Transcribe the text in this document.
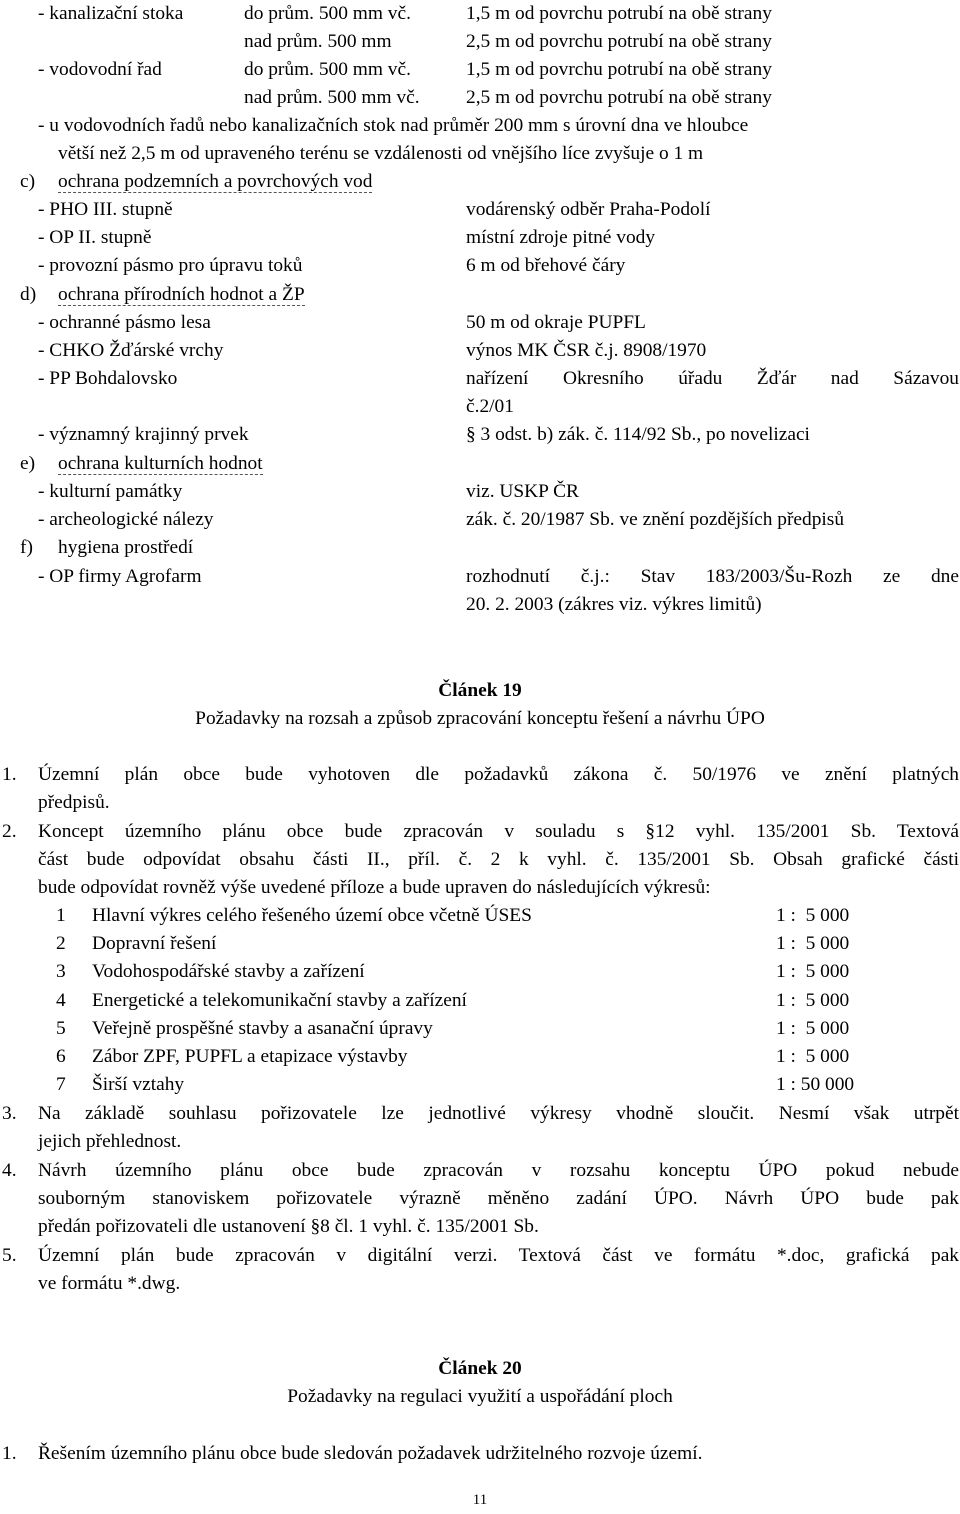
- kanalizační stoka	do prům. 500 mm vč.	1,5 m od povrchu potrubí na obě strany
nad prům. 500 mm	2,5 m od povrchu potrubí na obě strany
- vodovodní řad	do prům. 500 mm vč.	1,5 m od povrchu potrubí na obě strany
nad prům. 500 mm vč. 2,5 m od povrchu potrubí na obě strany
- u vodovodních řadů nebo kanalizačních stok nad průměr 200 mm s úrovní dna ve hloubce
větší než 2,5 m od upraveného terénu se vzdálenosti od vnějšího líce zvyšuje o 1 m
c) ochrana podzemních a povrchových vod
- PHO III. stupně	vodárenský odběr Praha-Podolí
- OP II. stupně	místní zdroje pitné vody
- provozní pásmo pro úpravu toků	6 m od břehové čáry
d) ochrana přírodních hodnot a ŽP
- ochranné pásmo lesa	50 m od okraje PUPFL
- CHKO Žďárské vrchy	výnos MK ČSR č.j. 8908/1970
- PP Bohdalovsko	nařízení Okresního úřadu Žďár nad Sázavou
č.2/01
- významný krajinný prvek	§ 3 odst. b) zák. č. 114/92 Sb., po novelizaci
e) ochrana kulturních hodnot
- kulturní památky	viz. USKP ČR
- archeologické nálezy	zák. č. 20/1987 Sb. ve znění pozdějších předpisů
f) hygiena prostředí
- OP firmy Agrofarm	rozhodnutí č.j.: Stav 183/2003/Šu-Rozh ze dne
20. 2. 2003 (zákres viz. výkres limitů)
Článek 19
Požadavky na rozsah a způsob zpracování konceptu řešení a návrhu ÚPO
1. Územní plán obce bude vyhotoven dle požadavků zákona č. 50/1976 ve znění platných
předpisů.
2. Koncept územního plánu obce bude zpracován v souladu s §12 vyhl. 135/2001 Sb. Textová
část bude odpovídat obsahu části II., příl. č. 2 k vyhl. č. 135/2001 Sb. Obsah grafické části
bude odpovídat rovněž výše uvedené příloze a bude upraven do následujících výkresů:
1 Hlavní výkres celého řešeného území obce včetně ÚSES	1 :  5 000
2 Dopravní řešení	1 :  5 000
3 Vodohospodářské stavby a zařízení	1 :  5 000
4 Energetické a telekomunikační stavby a zařízení	1 :  5 000
5 Veřejně prospěšné stavby a asanační úpravy	1 :  5 000
6 Zábor ZPF, PUPFL a etapizace výstavby	1 :  5 000
7 Širší vztahy	1 : 50 000
3. Na základě souhlasu pořizovatele lze jednotlivé výkresy vhodně sloučit. Nesmí však utrpět
jejich přehlednost.
4. Návrh územního plánu obce bude zpracován v rozsahu konceptu ÚPO pokud nebude
souborným stanoviskem pořizovatele výrazně měněno zadání ÚPO. Návrh ÚPO bude pak
předán pořizovateli dle ustanovení §8 čl. 1 vyhl. č. 135/2001 Sb.
5. Územní plán bude zpracován v digitální verzi. Textová část ve formátu *.doc, grafická pak
ve formátu *.dwg.
Článek 20
Požadavky na regulaci využití a uspořádání ploch
1. Řešením územního plánu obce bude sledován požadavek udržitelného rozvoje území.
11
